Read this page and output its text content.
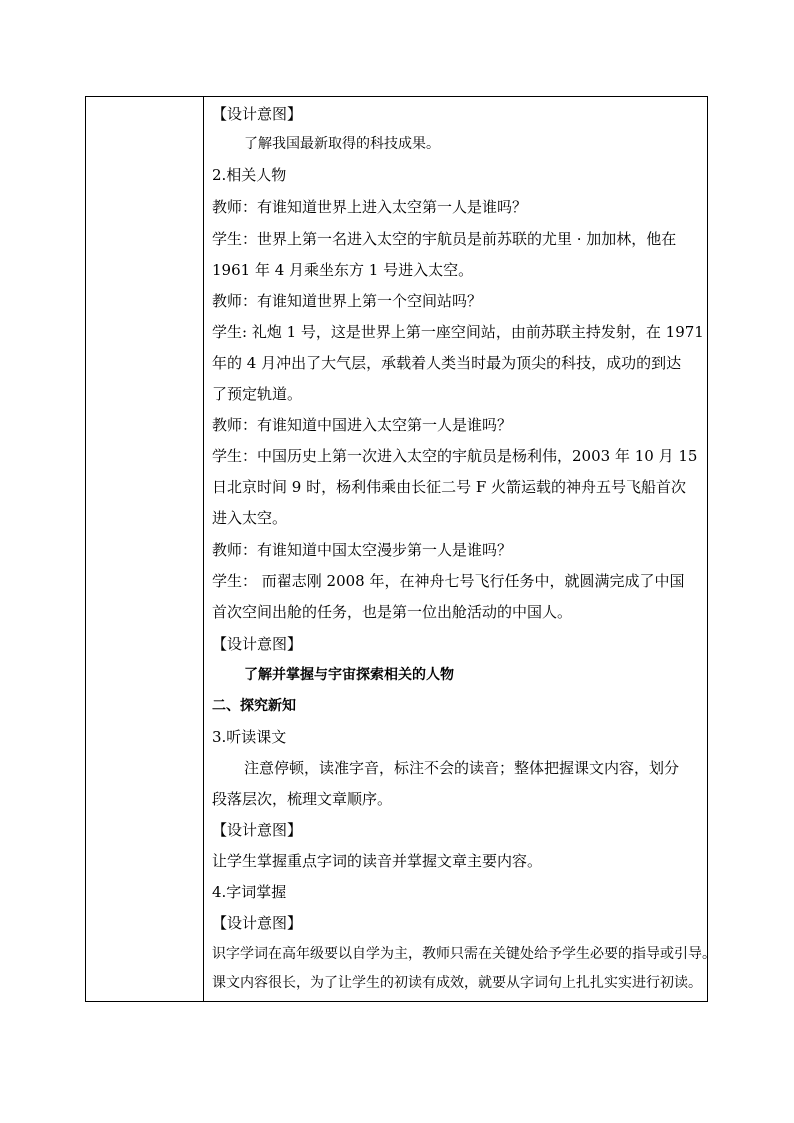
【设计意图】
了解我国最新取得的科技成果。
2.相关人物
教师：有谁知道世界上进入太空第一人是谁吗？
学生：世界上第一名进入太空的宇航员是前苏联的尤里 · 加加林，他在
1961 年 4 月乘坐东方 1 号进入太空。
教师：有谁知道世界上第一个空间站吗？
学生: 礼炮 1 号，这是世界上第一座空间站，由前苏联主持发射，在 1971
年的 4 月冲出了大气层，承载着人类当时最为顶尖的科技，成功的到达
了预定轨道。
教师：有谁知道中国进入太空第一人是谁吗？
学生：中国历史上第一次进入太空的宇航员是杨利伟，2003 年 10 月 15
日北京时间 9 时，杨利伟乘由长征二号 F 火箭运载的神舟五号飞船首次
进入太空。
教师：有谁知道中国太空漫步第一人是谁吗？
学生： 而翟志刚 2008 年，在神舟七号飞行任务中，就圆满完成了中国
首次空间出舱的任务，也是第一位出舱活动的中国人。
【设计意图】
了解并掌握与宇宙探索相关的人物
二、探究新知
3.听读课文
注意停顿，读准字音，标注不会的读音；整体把握课文内容，划分
段落层次，梳理文章顺序。
【设计意图】
让学生掌握重点字词的读音并掌握文章主要内容。
4.字词掌握
【设计意图】
识字学词在高年级要以自学为主，教师只需在关键处给予学生必要的指导或引导。
课文内容很长，为了让学生的初读有成效，就要从字词句上扎扎实实进行初读。
